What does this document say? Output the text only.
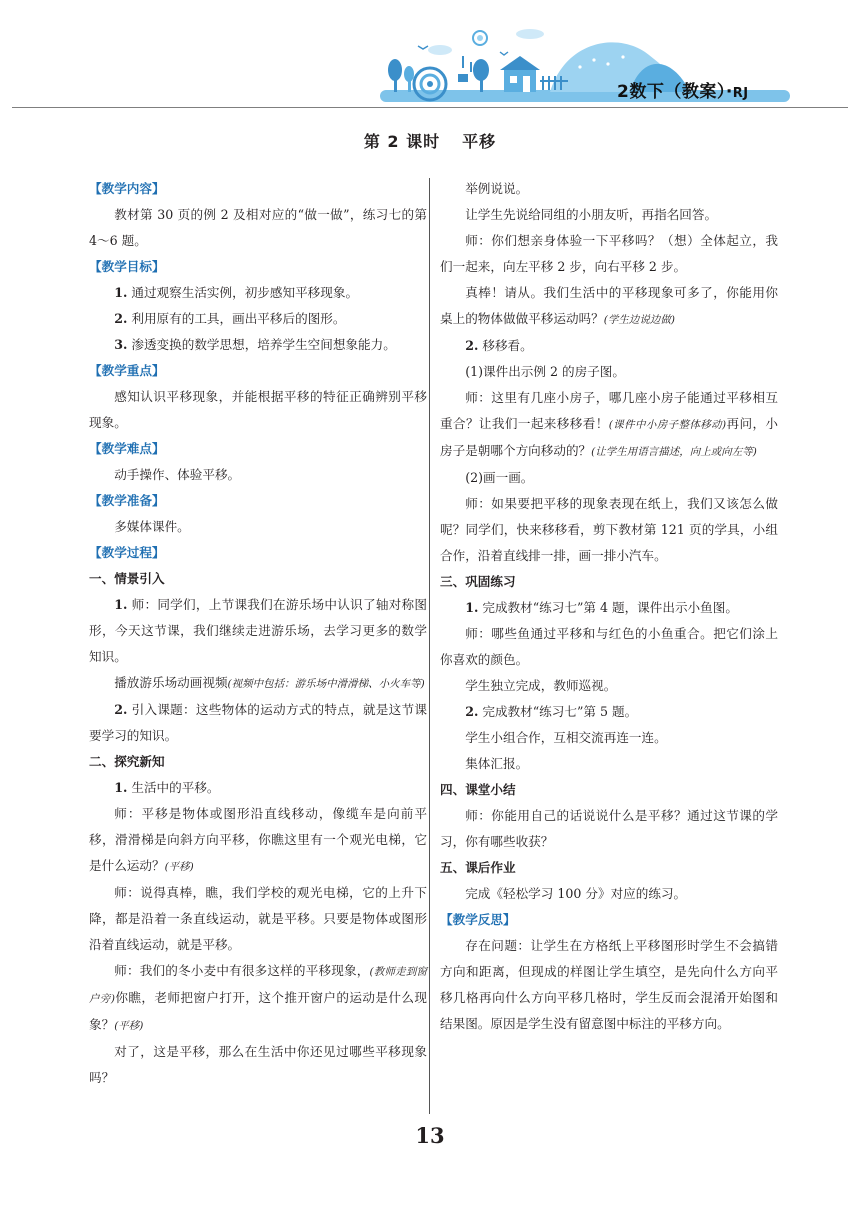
2数下（教案）·RJ
第 2 课时 平移

【教学内容】

教材第 30 页的例 2 及相对应的“做一做”，练习七的第 4～6 题。

【教学目标】

1. 通过观察生活实例，初步感知平移现象。

2. 利用原有的工具，画出平移后的图形。

3. 渗透变换的数学思想，培养学生空间想象能力。

【教学重点】

感知认识平移现象，并能根据平移的特征正确辨别平移现象。

【教学难点】

动手操作、体验平移。

【教学准备】

多媒体课件。

【教学过程】

一、情景引入

1. 师：同学们，上节课我们在游乐场中认识了轴对称图形，今天这节课，我们继续走进游乐场，去学习更多的数学知识。

播放游乐场动画视频(视频中包括：游乐场中滑滑梯、小火车等)

2. 引入课题：这些物体的运动方式的特点，就是这节课要学习的知识。

二、探究新知

1. 生活中的平移。

师：平移是物体或图形沿直线移动，像缆车是向前平移，滑滑梯是向斜方向平移，你瞧这里有一个观光电梯，它是什么运动？(平移)

师：说得真棒，瞧，我们学校的观光电梯，它的上升下降，都是沿着一条直线运动，就是平移。只要是物体或图形沿着直线运动，就是平移。

师：我们的冬小麦中有很多这样的平移现象，(教师走到窗户旁)你瞧，老师把窗户打开，这个推开窗户的运动是什么现象？(平移)

对了，这是平移，那么在生活中你还见过哪些平移现象吗？

举例说说。

让学生先说给同组的小朋友听，再指名回答。

师：你们想亲身体验一下平移吗？（想）全体起立，我们一起来，向左平移 2 步，向右平移 2 步。

真棒！请从。我们生活中的平移现象可多了，你能用你桌上的物体做做平移运动吗？(学生边说边做)

2. 移移看。

(1)课件出示例 2 的房子图。

师：这里有几座小房子，哪几座小房子能通过平移相互重合？让我们一起来移移看！(课件中小房子整体移动)再问，小房子是朝哪个方向移动的？(让学生用语言描述，向上或向左等)

(2)画一画。

师：如果要把平移的现象表现在纸上，我们又该怎么做呢？同学们，快来移移看，剪下教材第 121 页的学具，小组合作，沿着直线排一排，画一排小汽车。

三、巩固练习

1. 完成教材“练习七”第 4 题，课件出示小鱼图。

师：哪些鱼通过平移和与红色的小鱼重合。把它们涂上你喜欢的颜色。

学生独立完成，教师巡视。

2. 完成教材“练习七”第 5 题。

学生小组合作，互相交流再连一连。

集体汇报。

四、课堂小结

师：你能用自己的话说说什么是平移？通过这节课的学习，你有哪些收获？

五、课后作业

完成《轻松学习 100 分》对应的练习。

【教学反思】

存在问题：让学生在方格纸上平移图形时学生不会搞错方向和距离，但现成的样图让学生填空，是先向什么方向平移几格再向什么方向平移几格时，学生反而会混淆开始图和结果图。原因是学生没有留意图中标注的平移方向。

13
